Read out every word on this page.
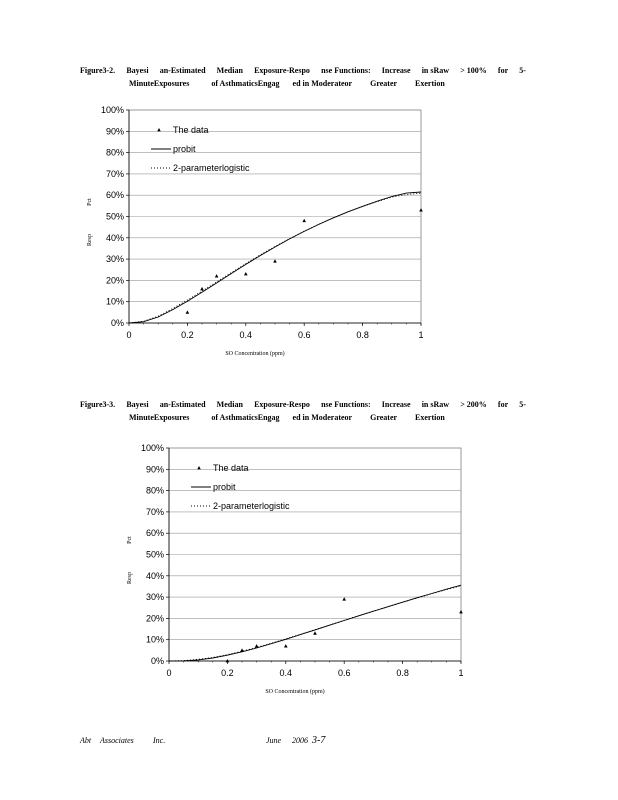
Figure3-2. Bayesi an-Estimated Median Exposure-Respo nse Functions: Increase in sRaw > 100% for 5-
MinuteExposures	of AsthmaticsEngag ed in Moderateor Greater Exertion
0%
10%
20%
30%
40%
50%
60%
70%
80%
90%
100%
0	0.2	0.4	0.6	0.8	1
SO Concentration (ppm)
Pct
Resp
The data
probit
2-parameterlogistic
Figure3-3. Bayesi an-Estimated Median Exposure-Respo nse Functions: Increase in sRaw > 200% for 5-
MinuteExposures	of AsthmaticsEngag ed in Moderateor Greater Exertion
0%
10%
20%
30%
40%
50%
60%
70%
80%
90%
100%
0	0.2	0.4	0.6	0.8	1
SO Concentration (ppm)
Pct
Resp
The data
probit
2-parameterlogistic
Abt Associates Inc.	June 2006 3-7
